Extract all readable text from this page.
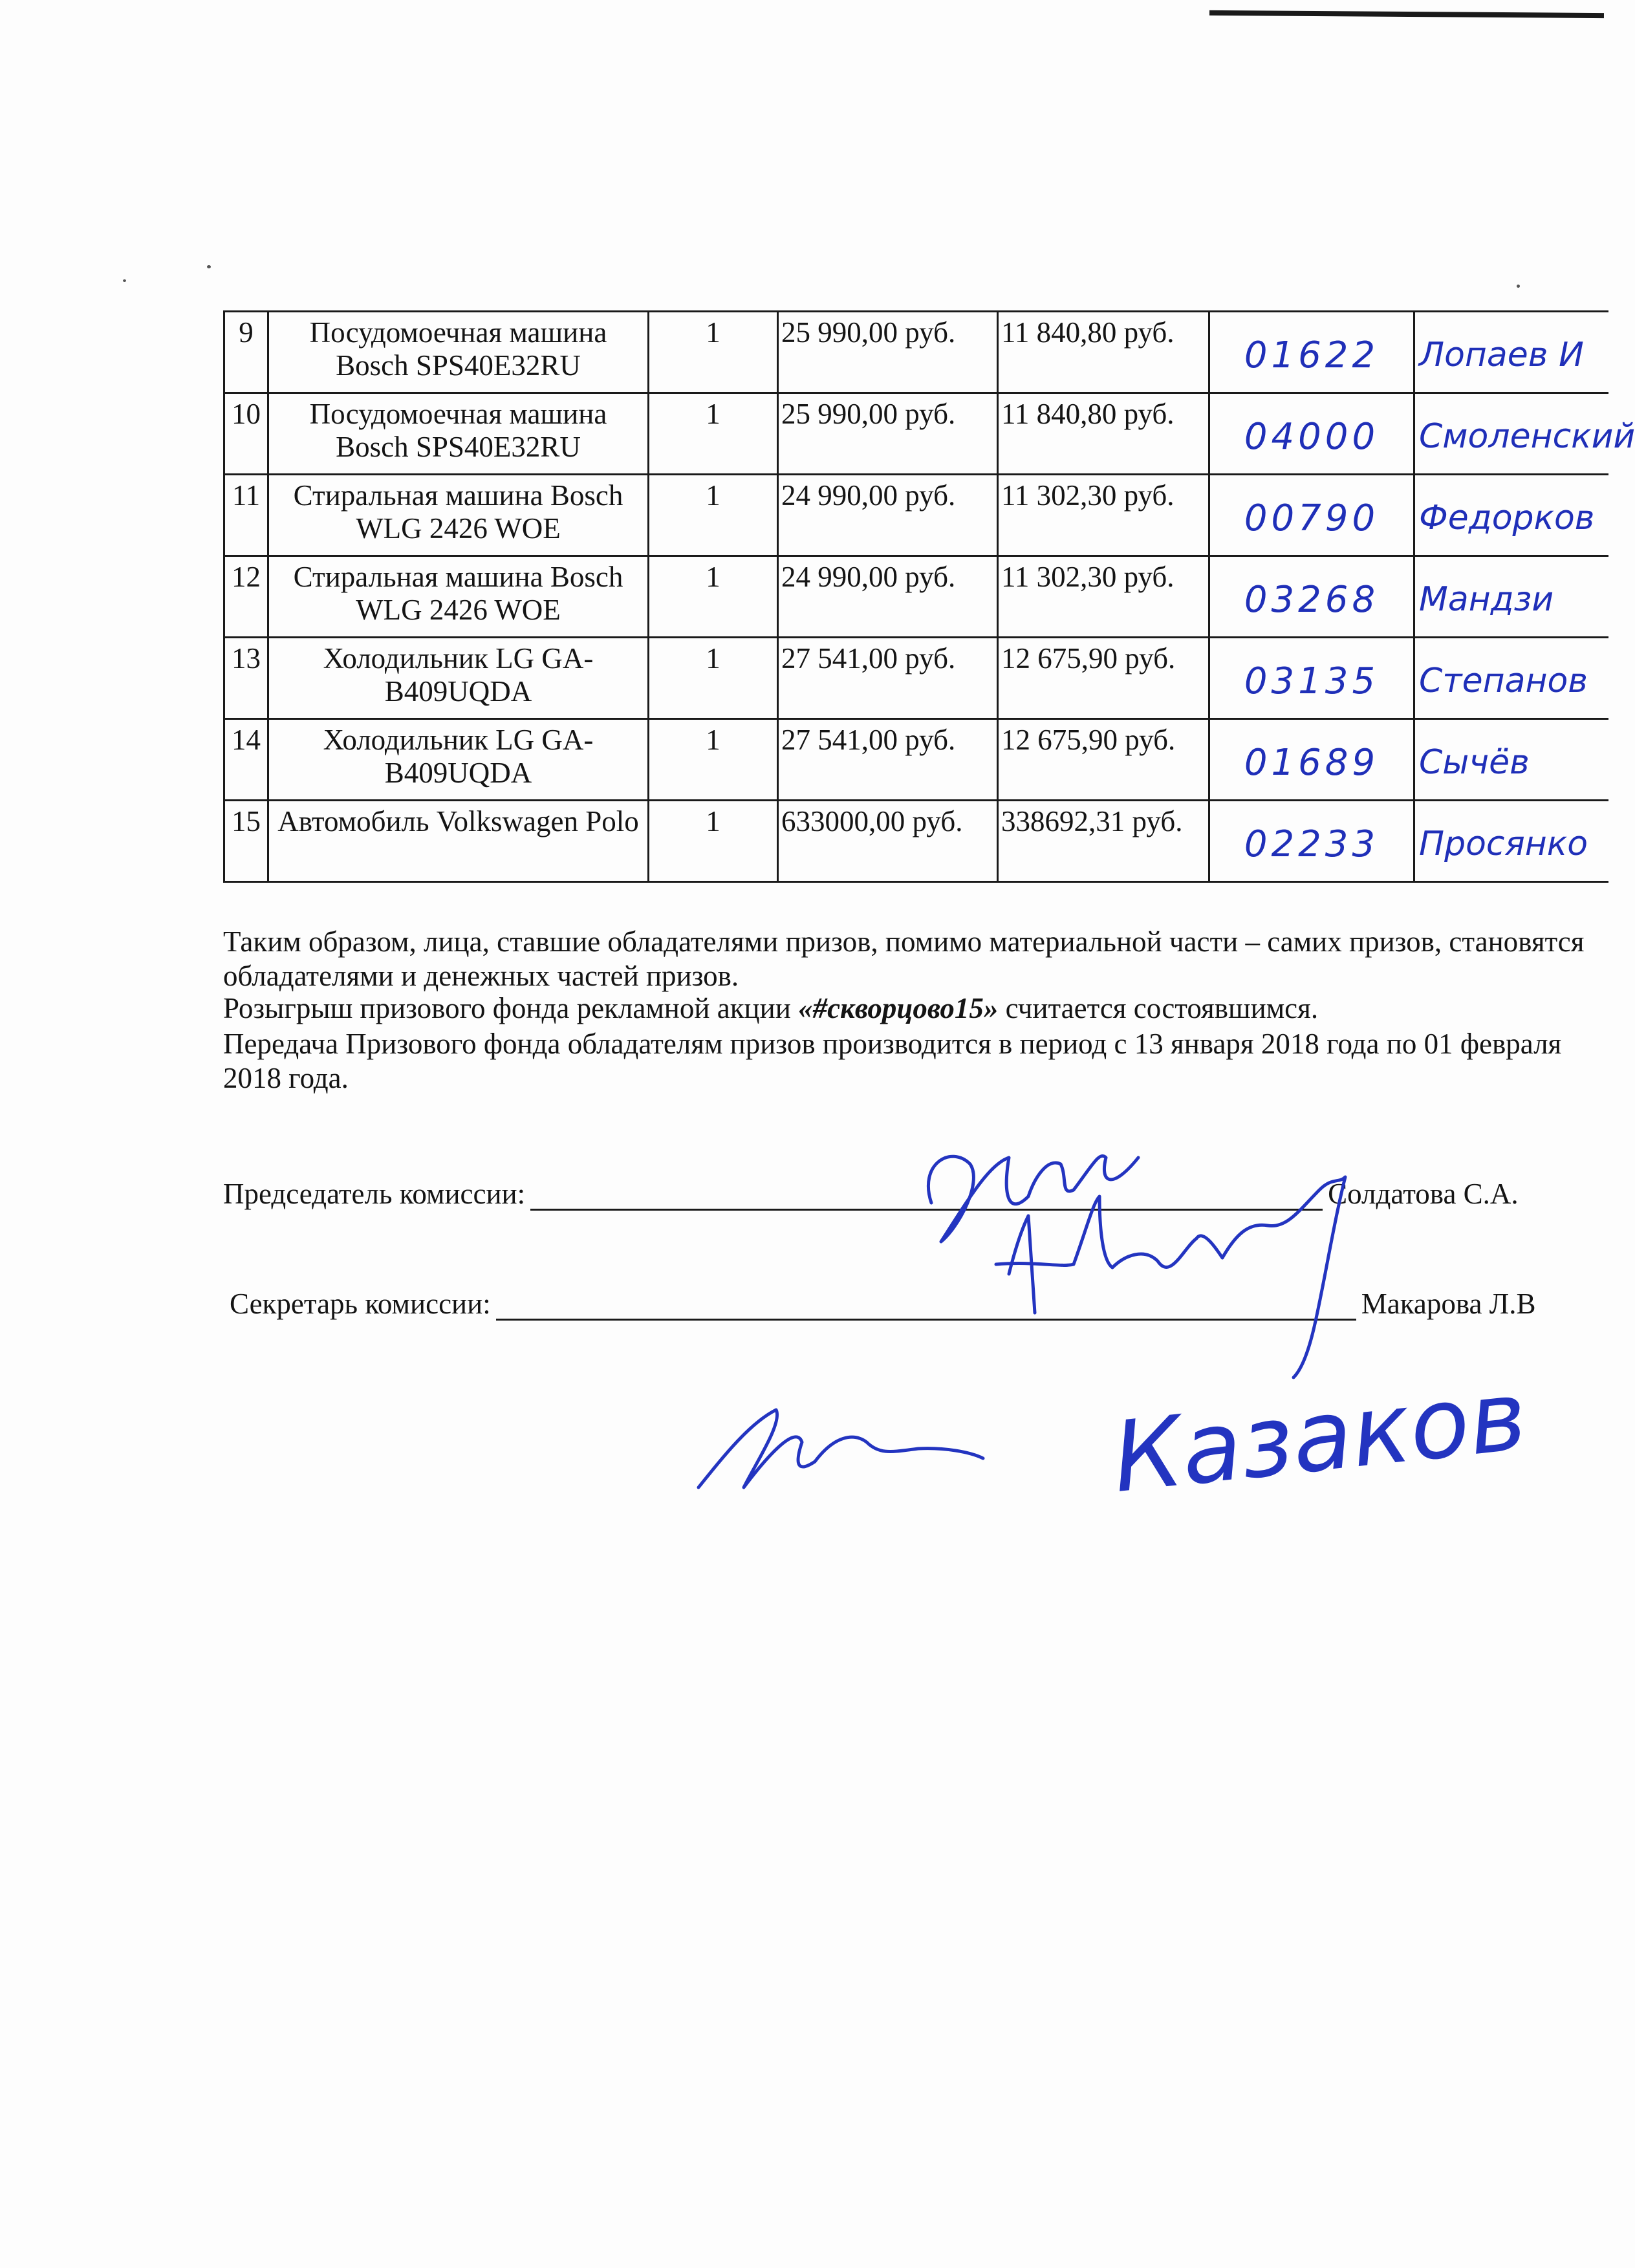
9	Посудомоечная машина Bosch SPS40E32RU	1	25 990,00 руб.	11 840,80 руб.	01622	Лопаев И
10	Посудомоечная машина Bosch SPS40E32RU	1	25 990,00 руб.	11 840,80 руб.	04000	Смоленский
11	Стиральная машина Bosch WLG 2426 WOE	1	24 990,00 руб.	11 302,30 руб.	00790	Федорков
12	Стиральная машина Bosch WLG 2426 WOE	1	24 990,00 руб.	11 302,30 руб.	03268	Мандзи
13	Холодильник LG GA-B409UQDA	1	27 541,00 руб.	12 675,90 руб.	03135	Степанов
14	Холодильник LG GA-B409UQDA	1	27 541,00 руб.	12 675,90 руб.	01689	Сычёв
15	Автомобиль Volkswagen Polo	1	633000,00 руб.	338692,31 руб.	02233	Просянко
Таким образом, лица, ставшие обладателями призов, помимо материальной части – самих призов, становятся обладателями и денежных частей призов.
Розыгрыш призового фонда рекламной акции «#скворцово15» считается состоявшимся.
Передача Призового фонда обладателям призов производится в период с 13 января 2018 года по 01 февраля 2018 года.
Председатель комиссии:	Солдатова С.А.
Секретарь комиссии:	Макарова Л.В
Казаков
